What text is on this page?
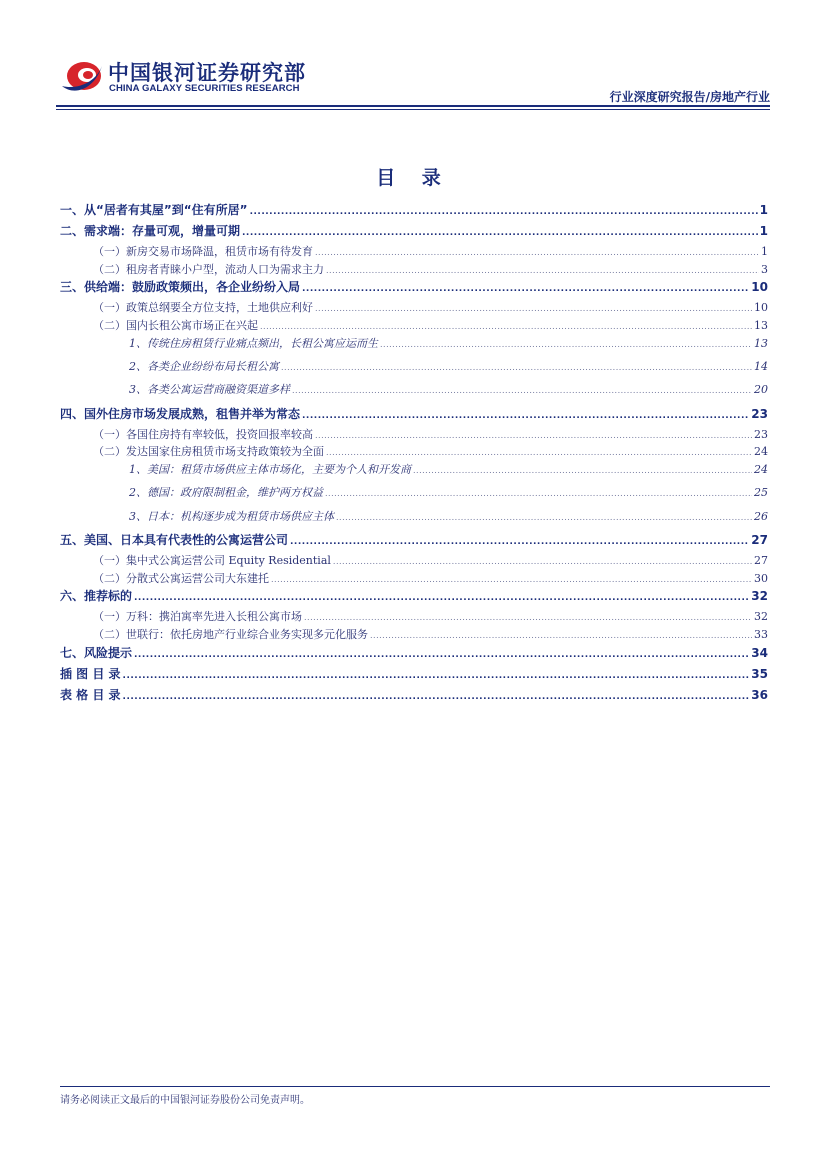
中国银河证券研究部
CHINA GALAXY SECURITIES RESEARCH
行业深度研究报告/房地产行业
目 录
一、从“居者有其屋”到“住有所居” .....	1
二、需求端：存量可观，增量可期 .....	1
（一）新房交易市场降温，租赁市场有待发育 .....	1
（二）租房者青睐小户型，流动人口为需求主力 .....	3
三、供给端：鼓励政策频出，各企业纷纷入局 .....	10
（一）政策总纲要全方位支持，土地供应利好 .....	10
（二）国内长租公寓市场正在兴起 .....	13
1、传统住房租赁行业痛点频出，长租公寓应运而生 .....	13
2、各类企业纷纷布局长租公寓 .....	14
3、各类公寓运营商融资渠道多样 .....	20
四、国外住房市场发展成熟，租售并举为常态 .....	23
（一）各国住房持有率较低，投资回报率较高 .....	23
（二）发达国家住房租赁市场支持政策较为全面 .....	24
1、美国：租赁市场供应主体市场化，主要为个人和开发商 .....	24
2、德国：政府限制租金，维护两方权益 .....	25
3、日本：机构逐步成为租赁市场供应主体 .....	26
五、美国、日本具有代表性的公寓运营公司 .....	27
（一）集中式公寓运营公司 Equity Residential .....	27
（二）分散式公寓运营公司大东建托 .....	30
六、推荐标的 .....	32
（一）万科：携泊寓率先进入长租公寓市场 .....	32
（二）世联行：依托房地产行业综合业务实现多元化服务 .....	33
七、风险提示 .....	34
插 图 目 录 .....	35
表 格 目 录 .....	36
请务必阅读正文最后的中国银河证券股份公司免责声明。
